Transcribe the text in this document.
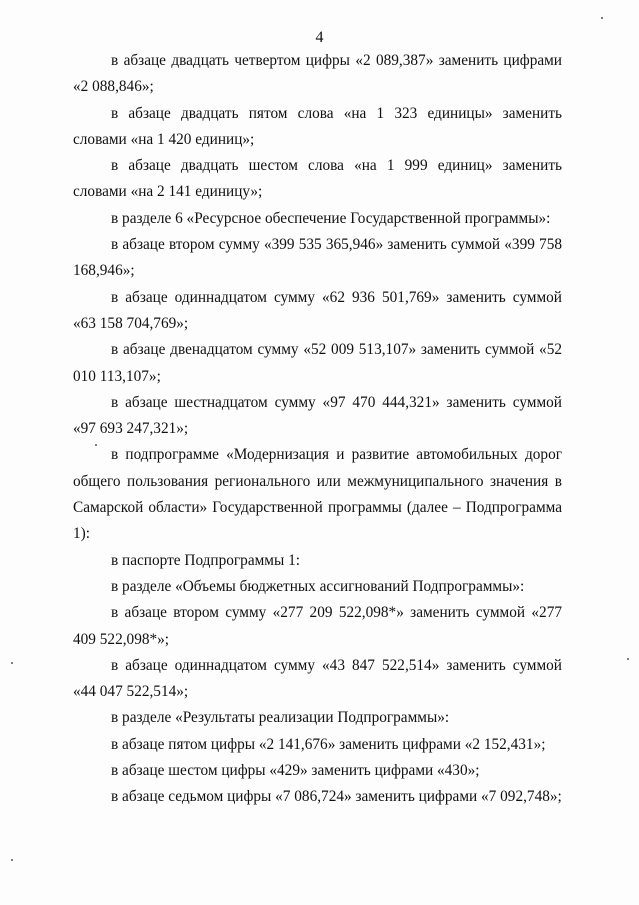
4

в абзаце двадцать четвертом цифры «2 089,387» заменить цифрами «2 088,846»;

в абзаце двадцать пятом слова «на 1 323 единицы» заменить словами «на 1 420 единиц»;

в абзаце двадцать шестом слова «на 1 999 единиц» заменить словами «на 2 141 единицу»;

в разделе 6 «Ресурсное обеспечение Государственной программы»:

в абзаце втором сумму «399 535 365,946» заменить суммой «399 758 168,946»;

в абзаце одиннадцатом сумму «62 936 501,769» заменить суммой «63 158 704,769»;

в абзаце двенадцатом сумму «52 009 513,107» заменить суммой «52 010 113,107»;

в абзаце шестнадцатом сумму «97 470 444,321» заменить суммой «97 693 247,321»;

в подпрограмме «Модернизация и развитие автомобильных дорог общего пользования регионального или межмуниципального значения в Самарской области» Государственной программы (далее – Подпрограмма 1):

в паспорте Подпрограммы 1:

в разделе «Объемы бюджетных ассигнований Подпрограммы»:

в абзаце втором сумму «277 209 522,098*» заменить суммой «277 409 522,098*»;

в абзаце одиннадцатом сумму «43 847 522,514» заменить суммой «44 047 522,514»;

в разделе «Результаты реализации Подпрограммы»:

в абзаце пятом цифры «2 141,676» заменить цифрами «2 152,431»;

в абзаце шестом цифры «429» заменить цифрами «430»;

в абзаце седьмом цифры «7 086,724» заменить цифрами «7 092,748»;
